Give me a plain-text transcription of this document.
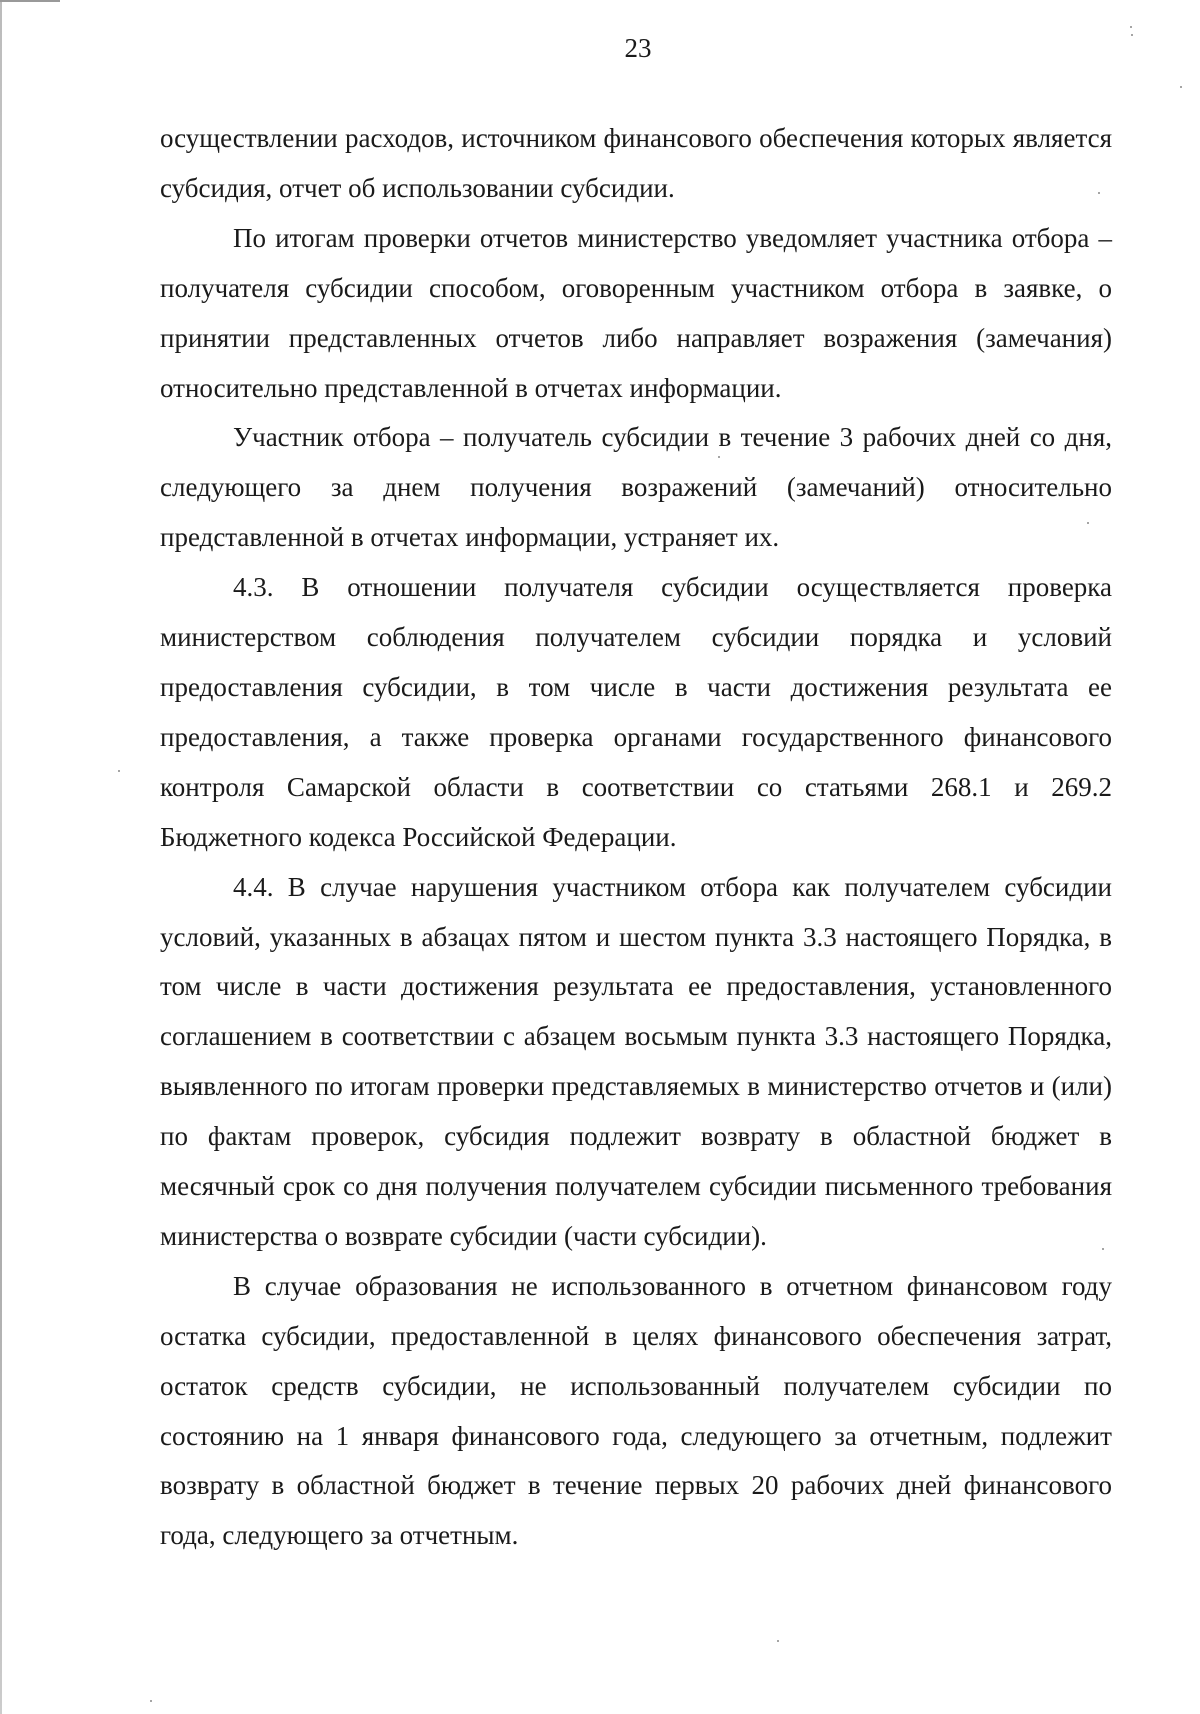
23

осуществлении расходов, источником финансового обеспечения которых является субсидия, отчет об использовании субсидии.

По итогам проверки отчетов министерство уведомляет участника отбора – получателя субсидии способом, оговоренным участником отбора в заявке, о принятии представленных отчетов либо направляет возражения (замечания) относительно представленной в отчетах информации.

Участник отбора – получатель субсидии в течение 3 рабочих дней со дня, следующего за днем получения возражений (замечаний) относительно представленной в отчетах информации, устраняет их.

4.3. В отношении получателя субсидии осуществляется проверка министерством соблюдения получателем субсидии порядка и условий предоставления субсидии, в том числе в части достижения результата ее предоставления, а также проверка органами государственного финансового контроля Самарской области в соответствии со статьями 268.1 и 269.2 Бюджетного кодекса Российской Федерации.

4.4. В случае нарушения участником отбора как получателем субсидии условий, указанных в абзацах пятом и шестом пункта 3.3 настоящего Порядка, в том числе в части достижения результата ее предоставления, установленного соглашением в соответствии с абзацем восьмым пункта 3.3 настоящего Порядка, выявленного по итогам проверки представляемых в министерство отчетов и (или) по фактам проверок, субсидия подлежит возврату в областной бюджет в месячный срок со дня получения получателем субсидии письменного требования министерства о возврате субсидии (части субсидии).

В случае образования не использованного в отчетном финансовом году остатка субсидии, предоставленной в целях финансового обеспечения затрат, остаток средств субсидии, не использованный получателем субсидии по состоянию на 1 января финансового года, следующего за отчетным, подлежит возврату в областной бюджет в течение первых 20 рабочих дней финансового года, следующего за отчетным.
